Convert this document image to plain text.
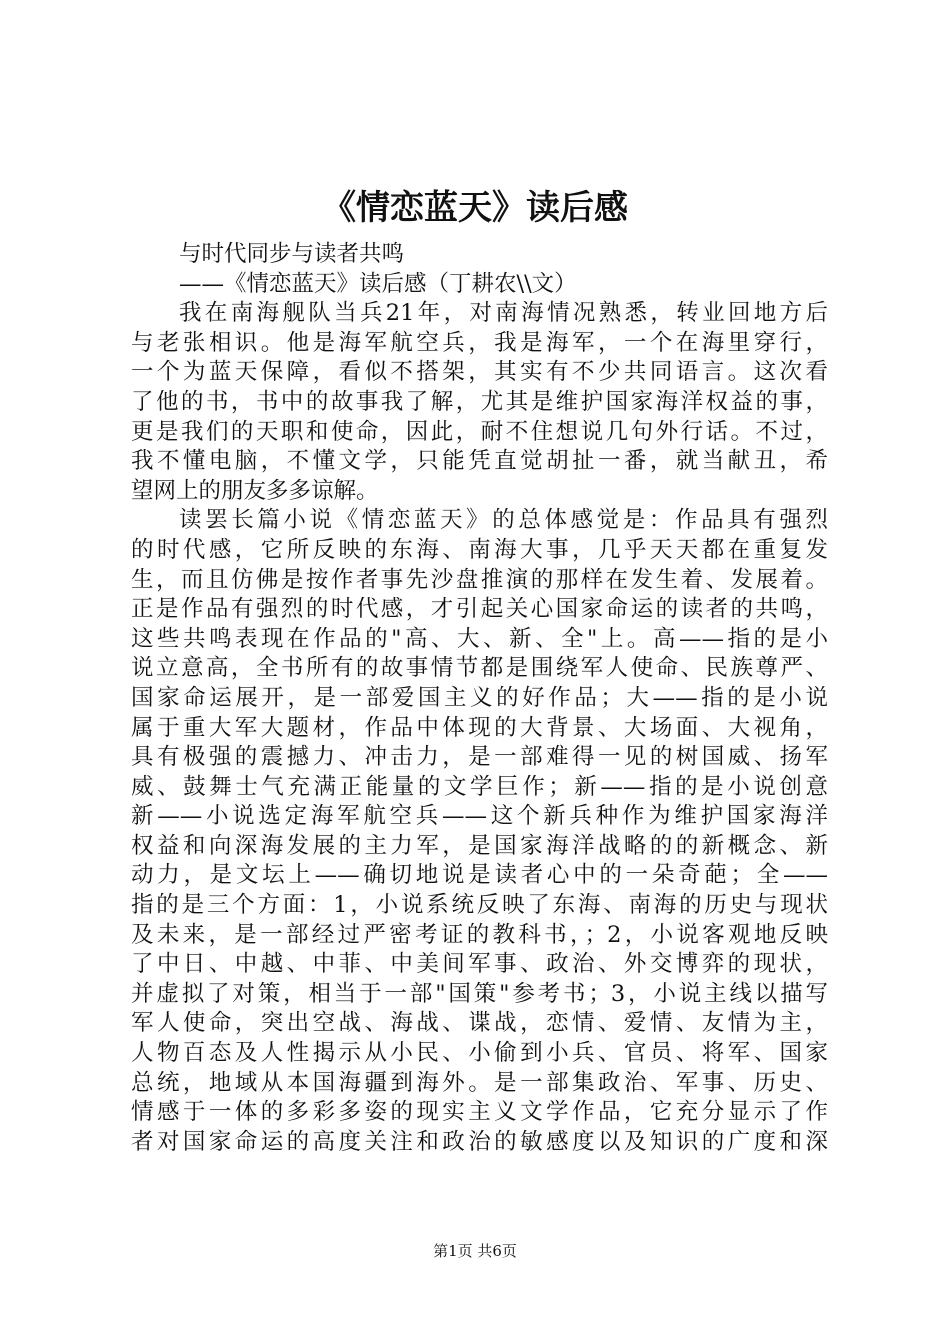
《情恋蓝天》读后感
与时代同步与读者共鸣
——《情恋蓝天》读后感（丁耕农\\文）
我在南海舰队当兵21年，对南海情况熟悉，转业回地方后
与老张相识。他是海军航空兵，我是海军，一个在海里穿行，
一个为蓝天保障，看似不搭架，其实有不少共同语言。这次看
了他的书，书中的故事我了解，尤其是维护国家海洋权益的事，
更是我们的天职和使命，因此，耐不住想说几句外行话。不过，
我不懂电脑，不懂文学，只能凭直觉胡扯一番，就当献丑，希
望网上的朋友多多谅解。
读罢长篇小说《情恋蓝天》的总体感觉是：作品具有强烈
的时代感，它所反映的东海、南海大事，几乎天天都在重复发
生，而且仿佛是按作者事先沙盘推演的那样在发生着、发展着。
正是作品有强烈的时代感，才引起关心国家命运的读者的共鸣，
这些共鸣表现在作品的"高、大、新、全"上。高——指的是小
说立意高，全书所有的故事情节都是围绕军人使命、民族尊严、
国家命运展开，是一部爱国主义的好作品；大——指的是小说
属于重大军大题材，作品中体现的大背景、大场面、大视角，
具有极强的震撼力、冲击力，是一部难得一见的树国威、扬军
威、鼓舞士气充满正能量的文学巨作；新——指的是小说创意
新——小说选定海军航空兵——这个新兵种作为维护国家海洋
权益和向深海发展的主力军，是国家海洋战略的的新概念、新
动力，是文坛上——确切地说是读者心中的一朵奇葩；全——
指的是三个方面：1，小说系统反映了东海、南海的历史与现状
及未来，是一部经过严密考证的教科书，；2，小说客观地反映
了中日、中越、中菲、中美间军事、政治、外交博弈的现状，
并虚拟了对策，相当于一部"国策"参考书；3，小说主线以描写
军人使命，突出空战、海战、谍战，恋情、爱情、友情为主，
人物百态及人性揭示从小民、小偷到小兵、官员、将军、国家
总统，地域从本国海疆到海外。是一部集政治、军事、历史、
情感于一体的多彩多姿的现实主义文学作品，它充分显示了作
者对国家命运的高度关注和政治的敏感度以及知识的广度和深
第1页 共6页
